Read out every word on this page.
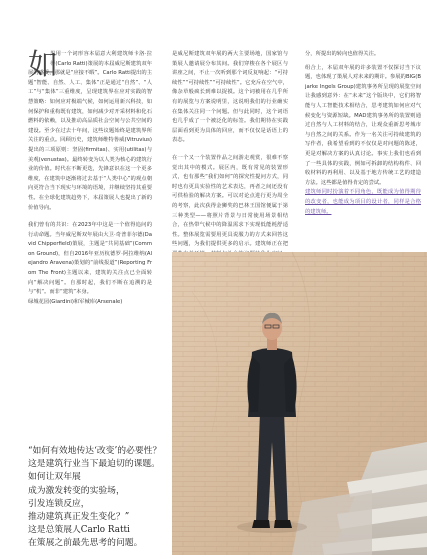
如

果用一个词形容本届意大利建筑师卡洛·拉蒂(Carlo Ratti)策展的本届威尼斯建筑双年展的感受，那就是“应接不暇”。Carlo Ratti提出的主题“智能、自然、人工、集体”正是通过“自然”、“人工”与“集体”三重维度，呈现建筑界在应对实践的智慧策略：如何应对极端气候，如何运用新兴科技，如何保护和重构既有建筑，如何减少对开采材料和化石燃料的依赖，以及推动高品质社会空间与公共空间的建设。至少在过去十年间，这些议题始终是建筑界所关注的重点。回顾历史，建筑师维特鲁威(Vitruvius)提出的三项原则：坚固(firmitas)、实用(utilitas)与美观(venustas)。最终转变为以人类为核心的建筑行业的价值。时代在不断更迭，先锋意识在这一个更多维度，在建筑中逐渐将过去基于“人类中心”的观点朝向更符合当下现实与环境的语境，并继续坚持其重要性。在全球化建筑趋势下，本届策展人也提出了新的价值导向。

我们曾有的共识：在2023年中这是一个值得追问的行动命题。当年威尼斯双年展由大卫·奇普菲尔德(David Chipperfield)策展，主题是“共同基础”(Common Ground)，但自2016年亚历杭德罗·阿拉维纳(Alejandro Aravena)策划的“前线报道”(Reporting From The Front)主题以来，建筑的关注点已全面转向“解决问题”。自那时起，我们不断在追溯的是与“机“。而非“建筑”本身。

绿城花园(Giardini)和军械库(Arsenale)

是威尼斯建筑双年展的两大主要场地，国家馆与策展人邀请展分布其间。我们穿梭在各个展区与讲座之间，不止一次听到那个词反复响起：“可持续性”“可持续性”“可持续性”。它充斥在空气中，像杂草般疯长到难以捉摸。这个词被用在几乎所有的展览与方案说明里，这说明我们的行业确实在集体关注同一个问题。但与此同时，这个词语也几乎成了一个被泛化的标签。我们期待在实践层面看到更为具体的回应，而不仅仅是话语上的表态。

在一个又一个装置作品之间游走观赏，很难不察觉出其中的模式。展区内，既有常见的装置形式，也有那些“我们如何”的探究性提问方式，同时也有更具实验性的艺术表达，再者之间还没有可供检验的解决方案。可以对论点进行更为周全的考察，此次获得金狮奖的巴林王国馆便属于第三种类型——将照片背景与日常使用场景相结合，在热带气候中的降温需求下实现低能耗舒适性。整体展览需要用更具说服力的方式来回答这些问题，为我们提供更多的启示。建筑师正在把

分，所提出的转向也值得关注。

组合上，本届双年展的许多装置不仅探讨当下议题，也体现了策展人对未来的期许。参展的BIG(Bjarke Ingels Group)建筑事务所呈现的展览空间让我感到意外：在“未来”这个版块中，它们将智能与人工智能技术相结合，思考建筑如何应对气候变化与资源短缺。MAD建筑事务所的装置则通过自然与人工材料的结合，让观众重新思考城市与自然之间的关系。作为一名关注可持续建筑的写作者，我希望看到的不仅仅是对问题的陈述，更是对解决方案的认真讨论。事实上我们也看到了一些具体的实践，例如可拆卸的结构构件、回收材料的再利用、以及基于地方传统工艺的建造方法。这些都是值得肯定的尝试。

建筑师同时扮演着不同角色，既能成为值得期待的改变者，也能成为项目的设计者，同样是合格的建筑师。

“如何有效地传达‘改变’的必要性？
这是建筑行业当下最迫切的课题。
如何让双年展
成为激发转变的实验场，
引发连锁反应，
推动建筑真正发生变化？”
这是总策展人Carlo Ratti
在策展之前最先思考的问题。
